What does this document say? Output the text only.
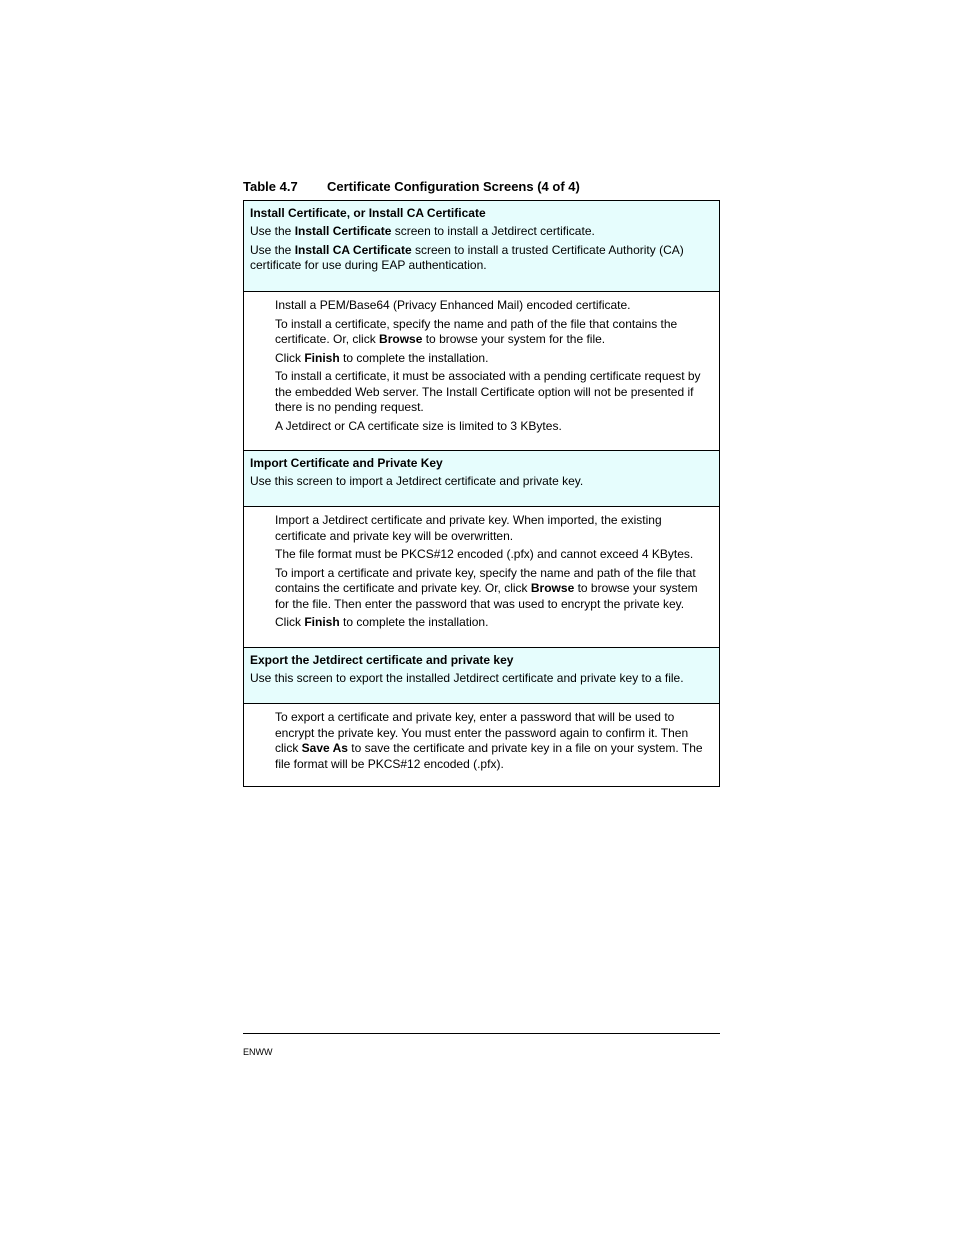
Table 4.7 Certificate Configuration Screens (4 of 4)
Install Certificate, or Install CA Certificate
Use the Install Certificate screen to install a Jetdirect certificate.
Use the Install CA Certificate screen to install a trusted Certificate Authority (CA) certificate for use during EAP authentication.
Install a PEM/Base64 (Privacy Enhanced Mail) encoded certificate.
To install a certificate, specify the name and path of the file that contains the certificate. Or, click Browse to browse your system for the file.
Click Finish to complete the installation.
To install a certificate, it must be associated with a pending certificate request by the embedded Web server. The Install Certificate option will not be presented if there is no pending request.
A Jetdirect or CA certificate size is limited to 3 KBytes.
Import Certificate and Private Key
Use this screen to import a Jetdirect certificate and private key.
Import a Jetdirect certificate and private key. When imported, the existing certificate and private key will be overwritten.
The file format must be PKCS#12 encoded (.pfx) and cannot exceed 4 KBytes.
To import a certificate and private key, specify the name and path of the file that contains the certificate and private key. Or, click Browse to browse your system for the file. Then enter the password that was used to encrypt the private key.
Click Finish to complete the installation.
Export the Jetdirect certificate and private key
Use this screen to export the installed Jetdirect certificate and private key to a file.
To export a certificate and private key, enter a password that will be used to encrypt the private key. You must enter the password again to confirm it. Then click Save As to save the certificate and private key in a file on your system. The file format will be PKCS#12 encoded (.pfx).
ENWW
